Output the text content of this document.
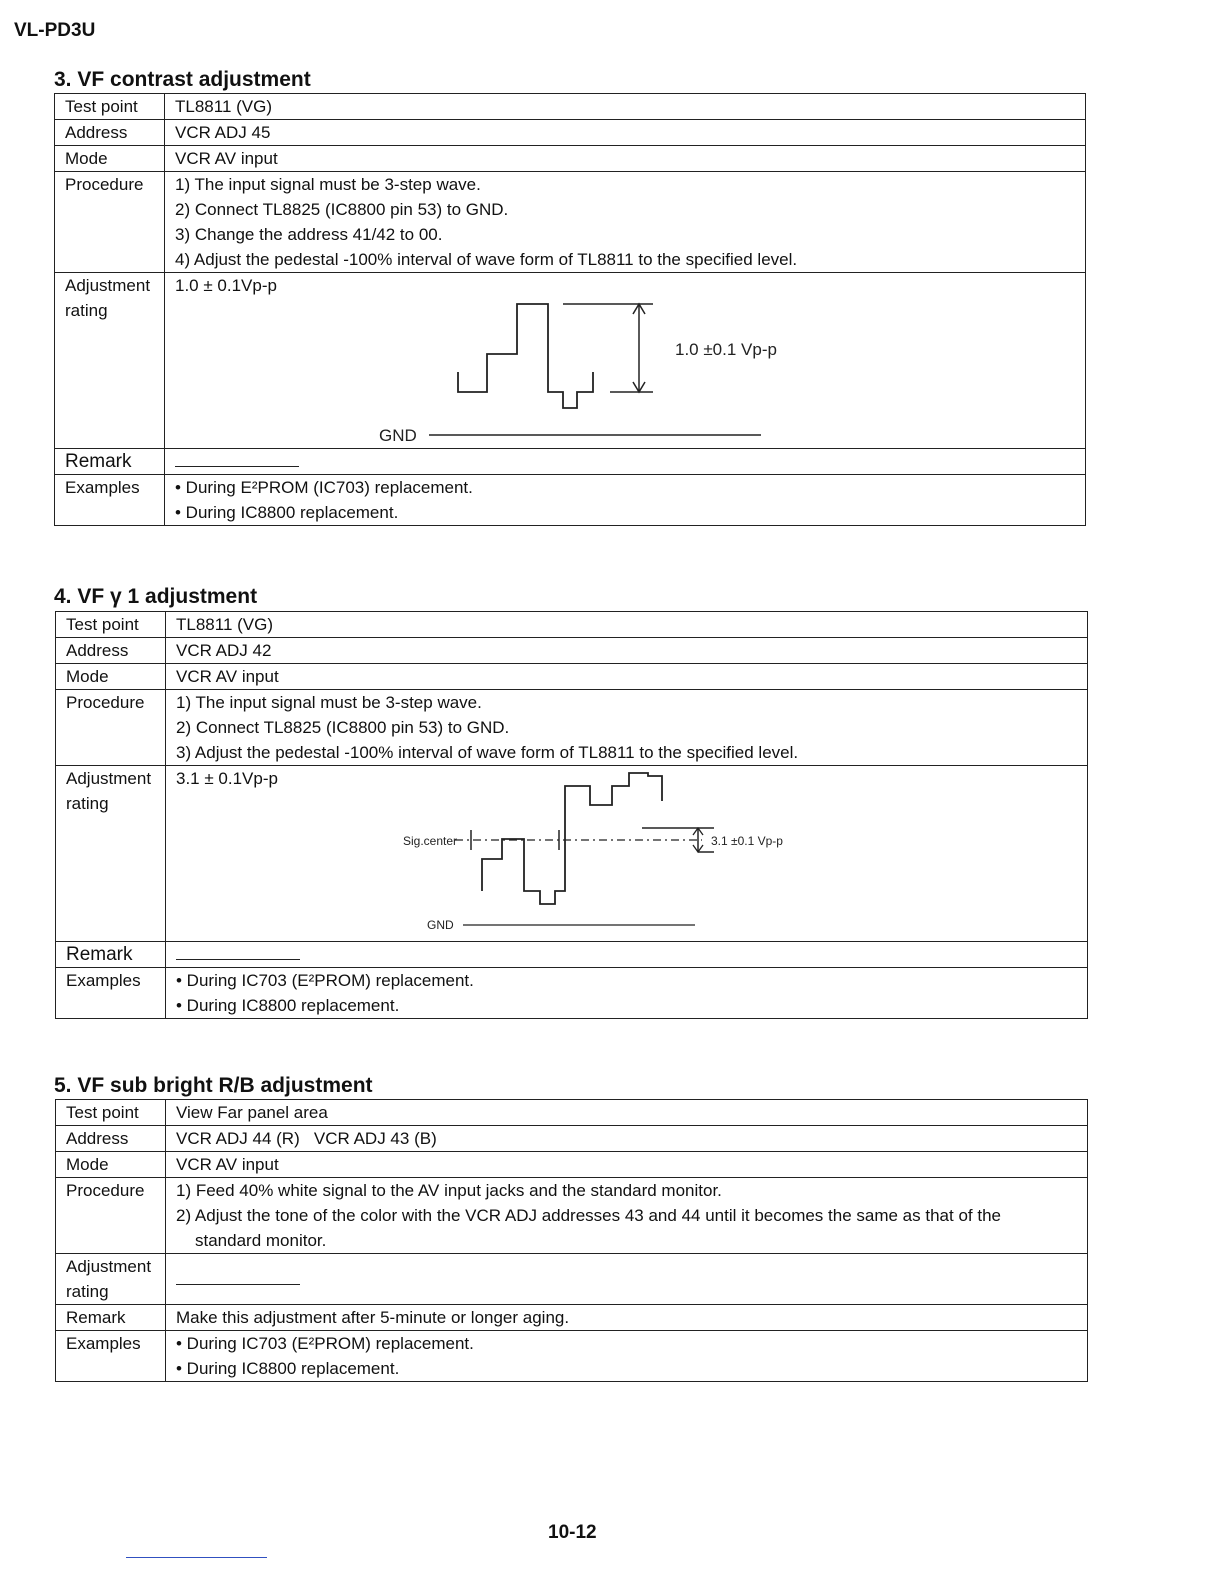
VL-PD3U
3. VF contrast adjustment
Test point	TL8811 (VG)
Address	VCR ADJ 45
Mode	VCR AV input
Procedure	1) The input signal must be 3-step wave.
2) Connect TL8825 (IC8800 pin 53) to GND.
3) Change the address 41/42 to 00.
4) Adjust the pedestal -100% interval of wave form of TL8811 to the specified level.

Adjustment
rating	1.0 ± 0.1Vp-p
1.0 ±0.1 Vp-p
GND

Remark	
Examples	• During E²PROM (IC703) replacement.
• During IC8800 replacement.
4. VF γ 1 adjustment
Test point	TL8811 (VG)
Address	VCR ADJ 42
Mode	VCR AV input
Procedure	1) The input signal must be 3-step wave.
2) Connect TL8825 (IC8800 pin 53) to GND.
3) Adjust the pedestal -100% interval of wave form of TL8811 to the specified level.

Adjustment
rating	3.1 ± 0.1Vp-p
Sig.center 3.1 ±0.1 Vp-p
GND

Remark	
Examples	• During IC703 (E²PROM) replacement.
• During IC8800 replacement.
5. VF sub bright R/B adjustment
Test point	View Far panel area
Address	VCR ADJ 44 (R)   VCR ADJ 43 (B)
Mode	VCR AV input
Procedure	1) Feed 40% white signal to the AV input jacks and the standard monitor.
2) Adjust the tone of the color with the VCR ADJ addresses 43 and 44 until it becomes the same as that of the
standard monitor.

Adjustment
rating	

Remark	Make this adjustment after 5-minute or longer aging.
Examples	• During IC703 (E²PROM) replacement.
• During IC8800 replacement.
10-12
